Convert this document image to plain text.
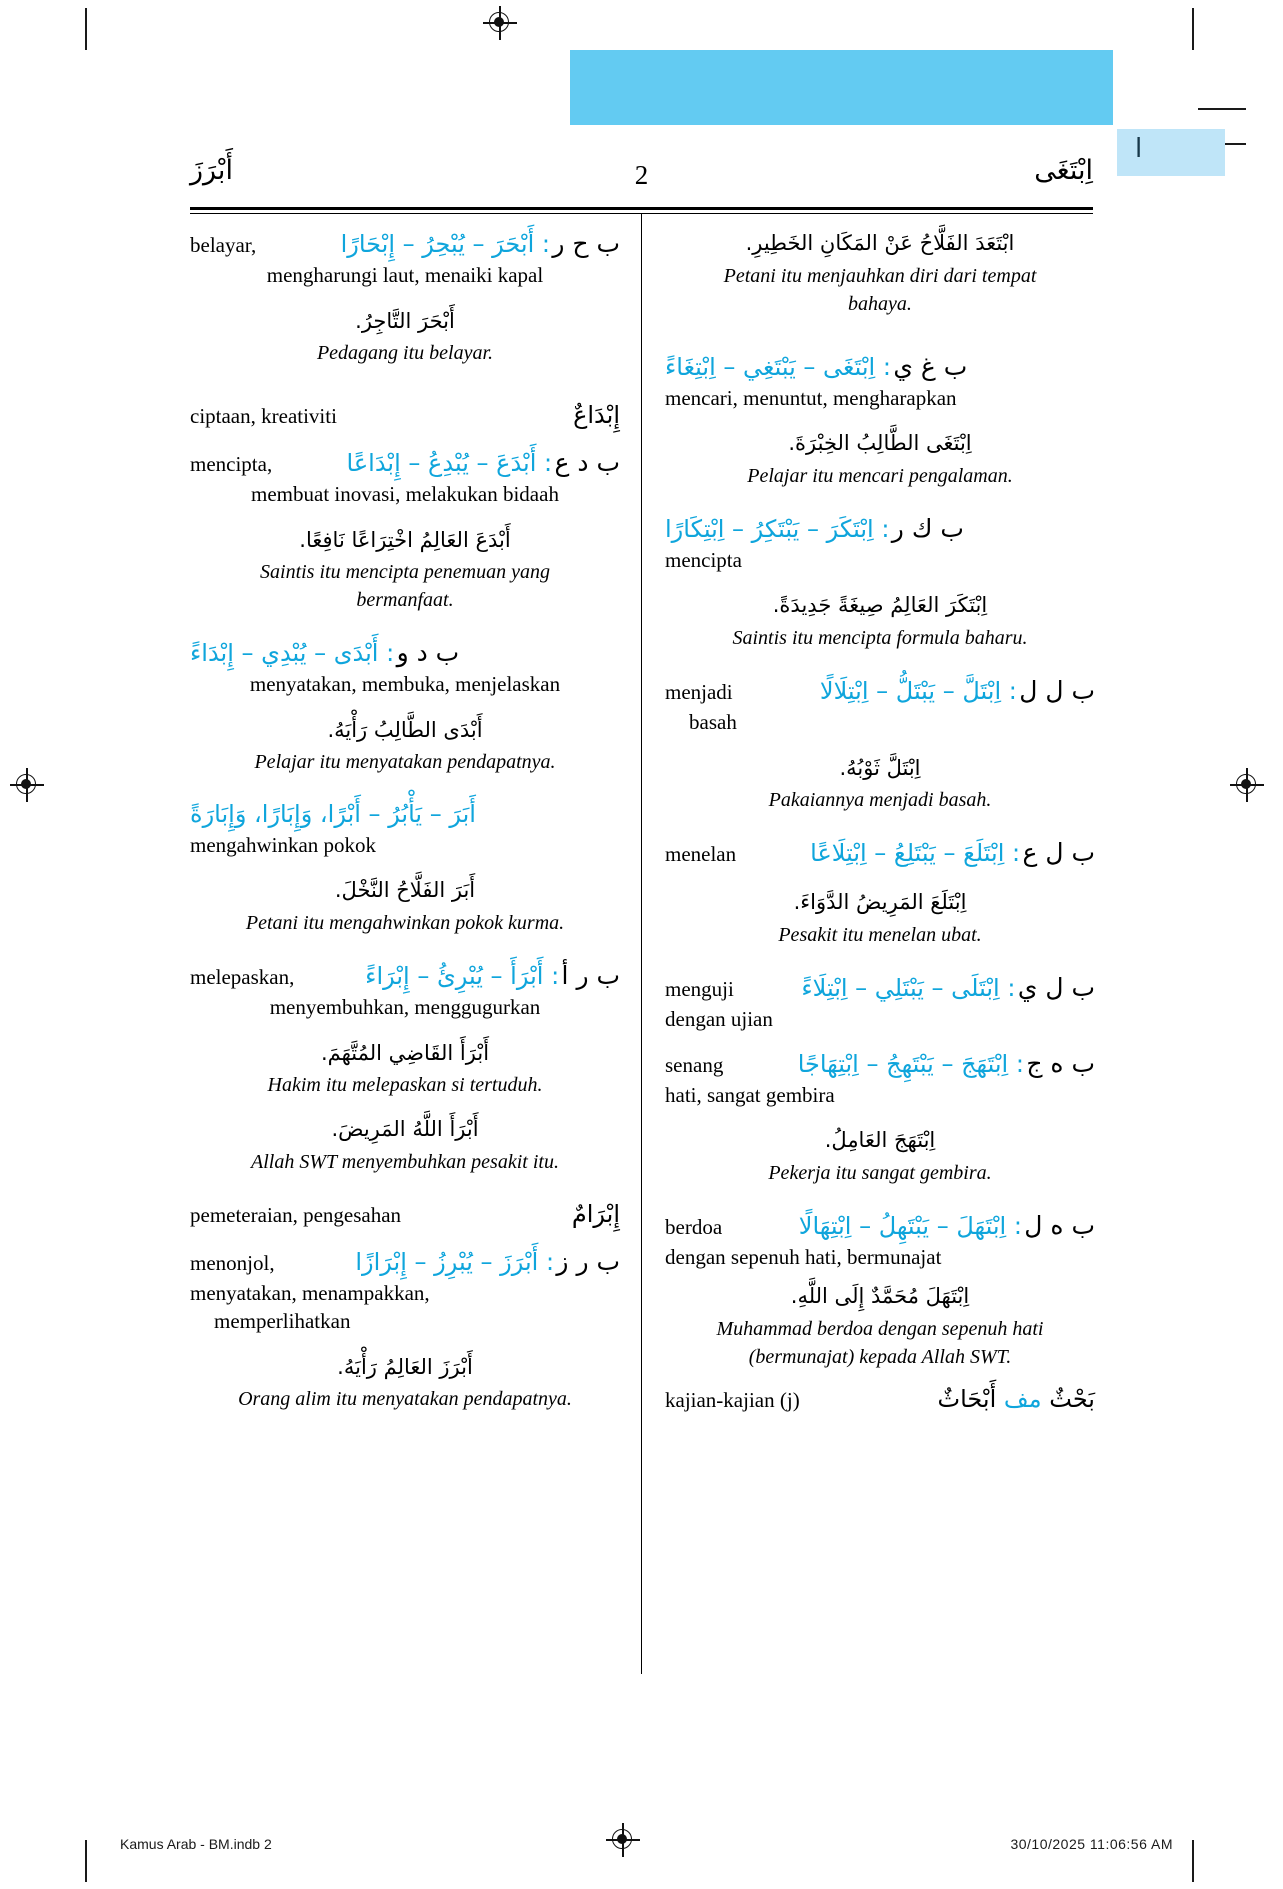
ا
أَبْرَزَ	اِبْتَغَى
2
belayar,	ب ح ر : أَبْحَرَ – يُبْحِرُ – إِبْحَارًا
mengharungi laut, menaiki kapal
أَبْحَرَ التَّاجِرُ.
Pedagang itu belayar.
ciptaan, kreativiti	إِبْدَاعٌ
mencipta,	ب د ع : أَبْدَعَ – يُبْدِعُ – إِبْدَاعًا
membuat inovasi, melakukan bidaah
أَبْدَعَ العَالِمُ اخْتِرَاعًا نَافِعًا.
Saintis itu mencipta penemuan yang
bermanfaat.
ب د و : أَبْدَى – يُبْدِي – إِبْدَاءً
menyatakan, membuka, menjelaskan
أَبْدَى الطَّالِبُ رَأْيَهُ.
Pelajar itu menyatakan pendapatnya.
أَبَرَ – يَأْبُرُ – أَبْرًا، وَإِبَارًا، وَإِبَارَةً
mengahwinkan pokok
أَبَرَ الفَلَّاحُ النَّخْلَ.
Petani itu mengahwinkan pokok kurma.
melepaskan,	ب ر أ : أَبْرَأَ – يُبْرِئُ – إِبْرَاءً
menyembuhkan, menggugurkan
أَبْرَأَ القَاضِي المُتَّهَمَ.
Hakim itu melepaskan si tertuduh.
أَبْرَأَ اللَّهُ المَرِيضَ.
Allah SWT menyembuhkan pesakit itu.
pemeteraian, pengesahan	إِبْرَامٌ
menonjol,	ب ر ز : أَبْرَزَ – يُبْرِزُ – إِبْرَازًا
menyatakan, menampakkan,
memperlihatkan
أَبْرَزَ العَالِمُ رَأْيَهُ.
Orang alim itu menyatakan pendapatnya.
ابْتَعَدَ الفَلَّاحُ عَنْ المَكَانِ الخَطِيرِ.
Petani itu menjauhkan diri dari tempat
bahaya.
ب غ ي : اِبْتَغَى – يَبْتَغِي – اِبْتِغَاءً
mencari, menuntut, mengharapkan
اِبْتَغَى الطَّالِبُ الخِبْرَةَ.
Pelajar itu mencari pengalaman.
ب ك ر : اِبْتَكَرَ – يَبْتَكِرُ – اِبْتِكَارًا
mencipta
اِبْتَكَرَ العَالِمُ صِيغَةً جَدِيدَةً.
Saintis itu mencipta formula baharu.
menjadi	ب ل ل : اِبْتَلَّ – يَبْتَلُّ – اِبْتِلَالًا
basah
اِبْتَلَّ ثَوْبُهُ.
Pakaiannya menjadi basah.
menelan	ب ل ع : اِبْتَلَعَ – يَبْتَلِعُ – اِبْتِلَاعًا
اِبْتَلَعَ المَرِيضُ الدَّوَاءَ.
Pesakit itu menelan ubat.
menguji	ب ل ي : اِبْتَلَى – يَبْتَلِي – اِبْتِلَاءً
dengan ujian
senang	ب ه ج : اِبْتَهَجَ – يَبْتَهِجُ – اِبْتِهَاجًا
hati, sangat gembira
اِبْتَهَجَ العَامِلُ.
Pekerja itu sangat gembira.
berdoa	ب ه ل : اِبْتَهَلَ – يَبْتَهِلُ – اِبْتِهَالًا
dengan sepenuh hati, bermunajat
اِبْتَهَلَ مُحَمَّدٌ إِلَى اللَّهِ.
Muhammad berdoa dengan sepenuh hati
(bermunajat) kepada Allah SWT.
kajian-kajian (j)	بَحْثٌ مف أَبْحَاثٌ
Kamus Arab - BM.indb 2	30/10/2025 11:06:56 AM
